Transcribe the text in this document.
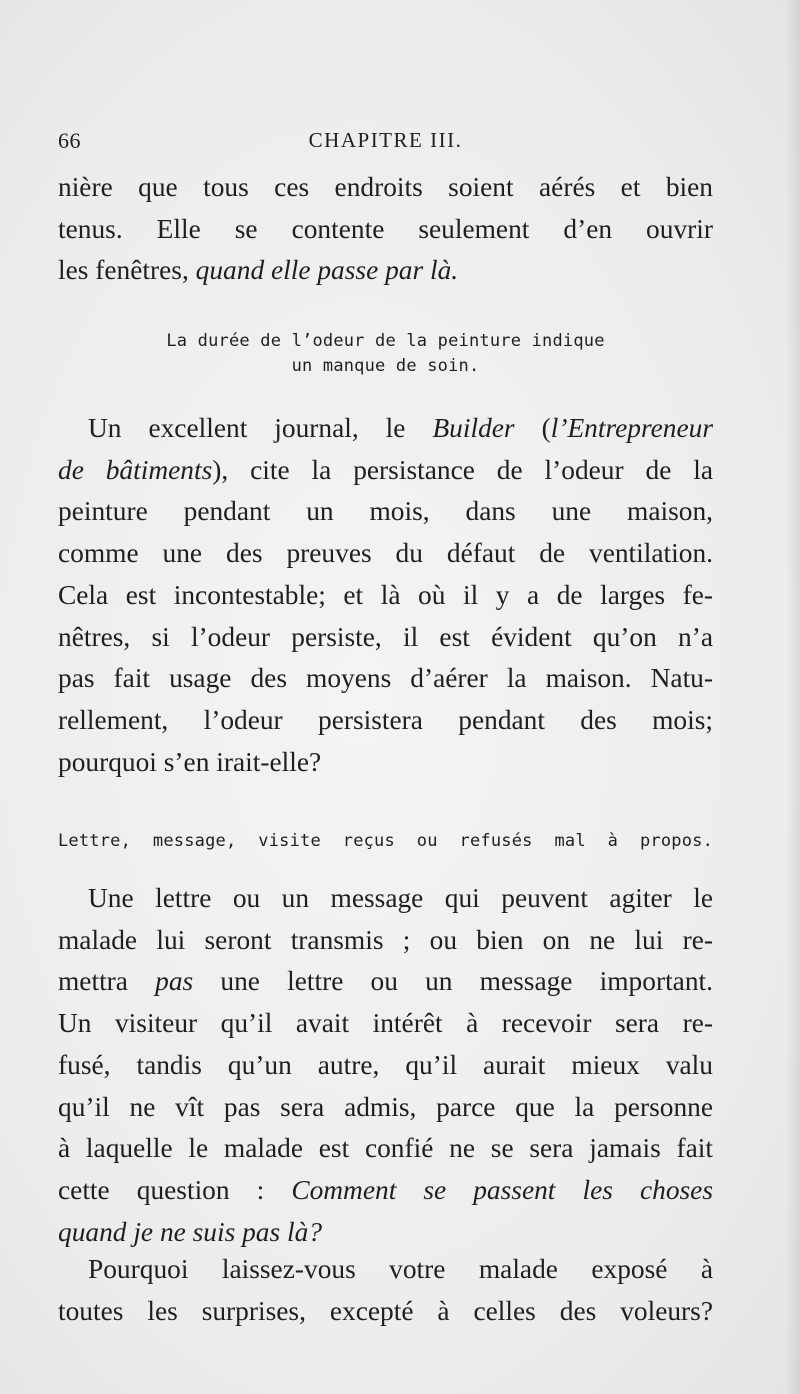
66	CHAPITRE III.

nière que tous ces endroits soient aérés et bien
tenus. Elle se contente seulement d’en ouvrir
les fenêtres, quand elle passe par là.

La durée de l’odeur de la peinture indique
un manque de soin.

Un excellent journal, le Builder (l’Entrepreneur
de bâtiments), cite la persistance de l’odeur de la
peinture pendant un mois, dans une maison,
comme une des preuves du défaut de ventilation.
Cela est incontestable; et là où il y a de larges fe-
nêtres, si l’odeur persiste, il est évident qu’on n’a
pas fait usage des moyens d’aérer la maison. Natu-
rellement, l’odeur persistera pendant des mois;
pourquoi s’en irait-elle?

Lettre, message, visite reçus ou refusés mal à propos.

Une lettre ou un message qui peuvent agiter le
malade lui seront transmis ; ou bien on ne lui re-
mettra pas une lettre ou un message important.
Un visiteur qu’il avait intérêt à recevoir sera re-
fusé, tandis qu’un autre, qu’il aurait mieux valu
qu’il ne vît pas sera admis, parce que la personne
à laquelle le malade est confié ne se sera jamais fait
cette question : Comment se passent les choses
quand je ne suis pas là?

Pourquoi laissez-vous votre malade exposé à
toutes les surprises, excepté à celles des voleurs?
